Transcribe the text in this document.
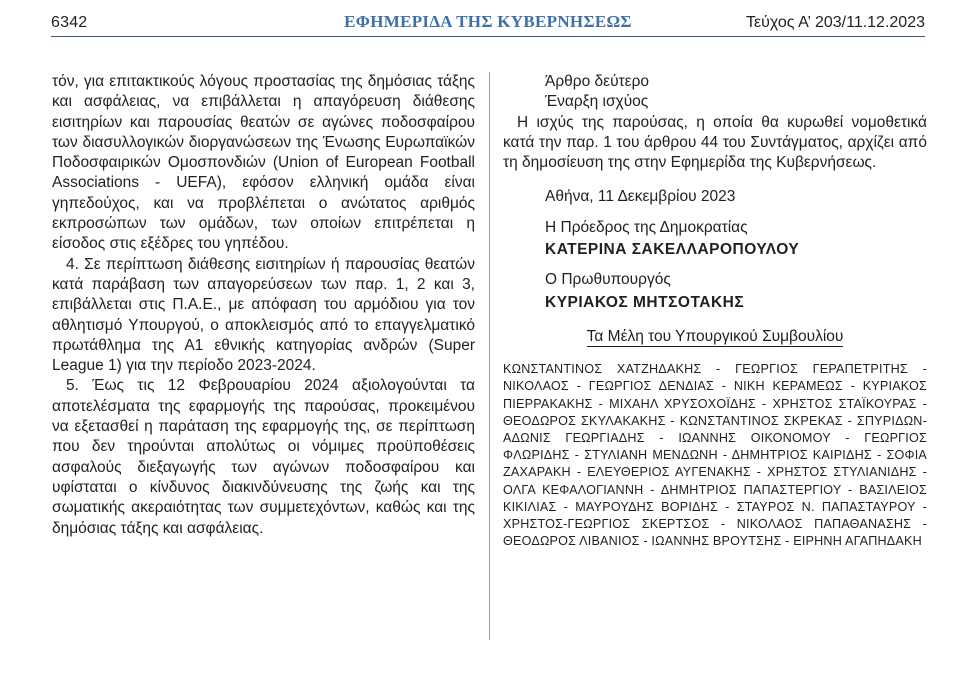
6342	ΕΦΗΜΕΡΙΔΑ ΤΗΣ ΚΥΒΕΡΝΗΣΕΩΣ	Τεύχος Α’ 203/11.12.2023

τόν, για επιτακτικούς λόγους προστασίας της δημόσιας τάξης και ασφάλειας, να επιβάλλεται η απαγόρευση διάθεσης εισιτηρίων και παρουσίας θεατών σε αγώνες ποδοσφαίρου των διασυλλογικών διοργανώσεων της Ένωσης Ευρωπαϊκών Ποδοσφαιρικών Ομοσπονδιών (Union of European Football Associations - UEFA), εφόσον ελληνική ομάδα είναι γηπεδούχος, και να προβλέπεται ο ανώτατος αριθμός εκπροσώπων των ομάδων, των οποίων επιτρέπεται η είσοδος στις εξέδρες του γηπέδου.

4. Σε περίπτωση διάθεσης εισιτηρίων ή παρουσίας θεατών κατά παράβαση των απαγορεύσεων των παρ. 1, 2 και 3, επιβάλλεται στις Π.Α.Ε., με απόφαση του αρμόδιου για τον αθλητισμό Υπουργού, ο αποκλεισμός από το επαγγελματικό πρωτάθλημα της Α1 εθνικής κατηγορίας ανδρών (Super League 1) για την περίοδο 2023-2024.

5. Έως τις 12 Φεβρουαρίου 2024 αξιολογούνται τα αποτελέσματα της εφαρμογής της παρούσας, προκειμένου να εξετασθεί η παράταση της εφαρμογής της, σε περίπτωση που δεν τηρούνται απολύτως οι νόμιμες προϋποθέσεις ασφαλούς διεξαγωγής των αγώνων ποδοσφαίρου και υφίσταται ο κίνδυνος διακινδύνευσης της ζωής και της σωματικής ακεραιότητας των συμμετεχόντων, καθώς και της δημόσιας τάξης και ασφάλειας.

Άρθρο δεύτερο

Έναρξη ισχύος

Η ισχύς της παρούσας, η οποία θα κυρωθεί νομοθετικά κατά την παρ. 1 του άρθρου 44 του Συντάγματος, αρχίζει από τη δημοσίευση της στην Εφημερίδα της Κυβερνήσεως.

Αθήνα, 11 Δεκεμβρίου 2023

Η Πρόεδρος της Δημοκρατίας

ΚΑΤΕΡΙΝΑ ΣΑΚΕΛΛΑΡΟΠΟΥΛΟΥ

Ο Πρωθυπουργός

ΚΥΡΙΑΚΟΣ ΜΗΤΣΟΤΑΚΗΣ

Τα Μέλη του Υπουργικού Συμβουλίου

ΚΩΝΣΤΑΝΤΙΝΟΣ ΧΑΤΖΗΔΑΚΗΣ - ΓΕΩΡΓΙΟΣ ΓΕΡΑΠΕΤΡΙΤΗΣ - ΝΙΚΟΛΑΟΣ - ΓΕΩΡΓΙΟΣ ΔΕΝΔΙΑΣ - ΝΙΚΗ ΚΕΡΑΜΕΩΣ - ΚΥΡΙΑΚΟΣ ΠΙΕΡΡΑΚΑΚΗΣ - ΜΙΧΑΗΛ ΧΡΥΣΟΧΟΪΔΗΣ - ΧΡΗΣΤΟΣ ΣΤΑΪΚΟΥΡΑΣ - ΘΕΟΔΩΡΟΣ ΣΚΥΛΑΚΑΚΗΣ - ΚΩΝΣΤΑΝΤΙΝΟΣ ΣΚΡΕΚΑΣ - ΣΠΥΡΙΔΩΝ-ΑΔΩΝΙΣ ΓΕΩΡΓΙΑΔΗΣ - ΙΩΑΝΝΗΣ ΟΙΚΟΝΟΜΟΥ - ΓΕΩΡΓΙΟΣ ΦΛΩΡΙΔΗΣ - ΣΤΥΛΙΑΝΗ ΜΕΝΔΩΝΗ - ΔΗΜΗΤΡΙΟΣ ΚΑΙΡΙΔΗΣ - ΣΟΦΙΑ ΖΑΧΑΡΑΚΗ - ΕΛΕΥΘΕΡΙΟΣ ΑΥΓΕΝΑΚΗΣ - ΧΡΗΣΤΟΣ ΣΤΥΛΙΑΝΙΔΗΣ - ΟΛΓΑ ΚΕΦΑΛΟΓΙΑΝΝΗ - ΔΗΜΗΤΡΙΟΣ ΠΑΠΑΣΤΕΡΓΙΟΥ - ΒΑΣΙΛΕΙΟΣ ΚΙΚΙΛΙΑΣ - ΜΑΥΡΟΥΔΗΣ ΒΟΡΙΔΗΣ - ΣΤΑΥΡΟΣ Ν. ΠΑΠΑΣΤΑΥΡΟΥ - ΧΡΗΣΤΟΣ-ΓΕΩΡΓΙΟΣ ΣΚΕΡΤΣΟΣ - ΝΙΚΟΛΑΟΣ ΠΑΠΑΘΑΝΑΣΗΣ - ΘΕΟΔΩΡΟΣ ΛΙΒΑΝΙΟΣ - ΙΩΑΝΝΗΣ ΒΡΟΥΤΣΗΣ - ΕΙΡΗΝΗ ΑΓΑΠΗΔΑΚΗ
